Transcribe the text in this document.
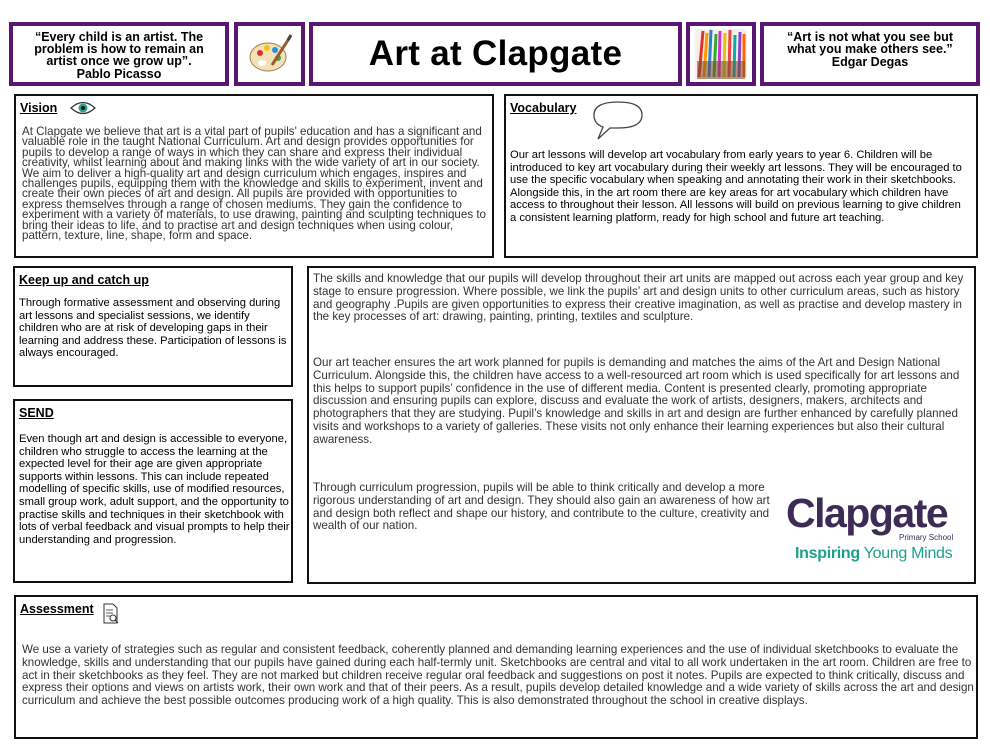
“Every child is an artist. The problem is how to remain an artist once we grow up”.
Pablo Picasso
Art at Clapgate	“Art is not what you see but what you make others see.”
Edgar Degas
Vision
At Clapgate we believe that art is a vital part of pupils' education and has a significant and valuable role in the taught National Curriculum. Art and design provides opportunities for pupils to develop a range of ways in which they can share and express their individual creativity, whilst learning about and making links with the wide variety of art in our society. We aim to deliver a high-quality art and design curriculum which engages, inspires and challenges pupils, equipping them with the knowledge and skills to experiment, invent and create their own pieces of art and design. All pupils are provided with opportunities to express themselves through a range of chosen mediums. They gain the confidence to experiment with a variety of materials, to use drawing, painting and sculpting techniques to bring their ideas to life, and to practise art and design techniques when using colour, pattern, texture, line, shape, form and space.
Vocabulary
Our art lessons will develop art vocabulary from early years to year 6. Children will be introduced to key art vocabulary during their weekly art lessons. They will be encouraged to use the specific vocabulary when speaking and annotating their work in their sketchbooks. Alongside this, in the art room there are key areas for art vocabulary which children have access to throughout their lesson. All lessons will build on previous learning to give children a consistent learning platform, ready for high school and future art teaching.
Keep up and catch up
Through formative assessment and observing during art lessons and specialist sessions, we identify children who are at risk of developing gaps in their learning and address these. Participation of lessons is always encouraged.
SEND
Even though art and design is accessible to everyone, children who struggle to access the learning at the expected level for their age are given appropriate supports within lessons. This can include repeated modelling of specific skills, use of modified resources, small group work, adult support, and the opportunity to practise skills and techniques in their sketchbook with lots of verbal feedback and visual prompts to help their understanding and progression.
The skills and knowledge that our pupils will develop throughout their art units are mapped out across each year group and key stage to ensure progression. Where possible, we link the pupils’ art and design units to other curriculum areas, such as history and geography .Pupils are given opportunities to express their creative imagination, as well as practise and develop mastery in the key processes of art: drawing, painting, printing, textiles and sculpture.
Our art teacher ensures the art work planned for pupils is demanding and matches the aims of the Art and Design National Curriculum. Alongside this, the children have access to a well-resourced art room which is used specifically for art lessons and this helps to support pupils’ confidence in the use of different media. Content is presented clearly, promoting appropriate discussion and ensuring pupils can explore, discuss and evaluate the work of artists, designers, makers, architects and photographers that they are studying. Pupil’s knowledge and skills in art and design are further enhanced by carefully planned visits and workshops to a variety of galleries. These visits not only enhance their learning experiences but also their cultural awareness.
Through curriculum progression, pupils will be able to think critically and develop a more rigorous understanding of art and design. They should also gain an awareness of how art and design both reflect and shape our history, and contribute to the culture, creativity and wealth of our nation.	Clapgate
Primary School
Inspiring Young Minds
Assessment
We use a variety of strategies such as regular and consistent feedback, coherently planned and demanding learning experiences and the use of individual sketchbooks to evaluate the knowledge, skills and understanding that our pupils have gained during each half-termly unit. Sketchbooks are central and vital to all work undertaken in the art room. Children are free to act in their sketchbooks as they feel. They are not marked but children receive regular oral feedback and suggestions on post it notes. Pupils are expected to think critically, discuss and express their options and views on artists work, their own work and that of their peers. As a result, pupils develop detailed knowledge and a wide variety of skills across the art and design curriculum and achieve the best possible outcomes producing work of a high quality. This is also demonstrated throughout the school in creative displays.
